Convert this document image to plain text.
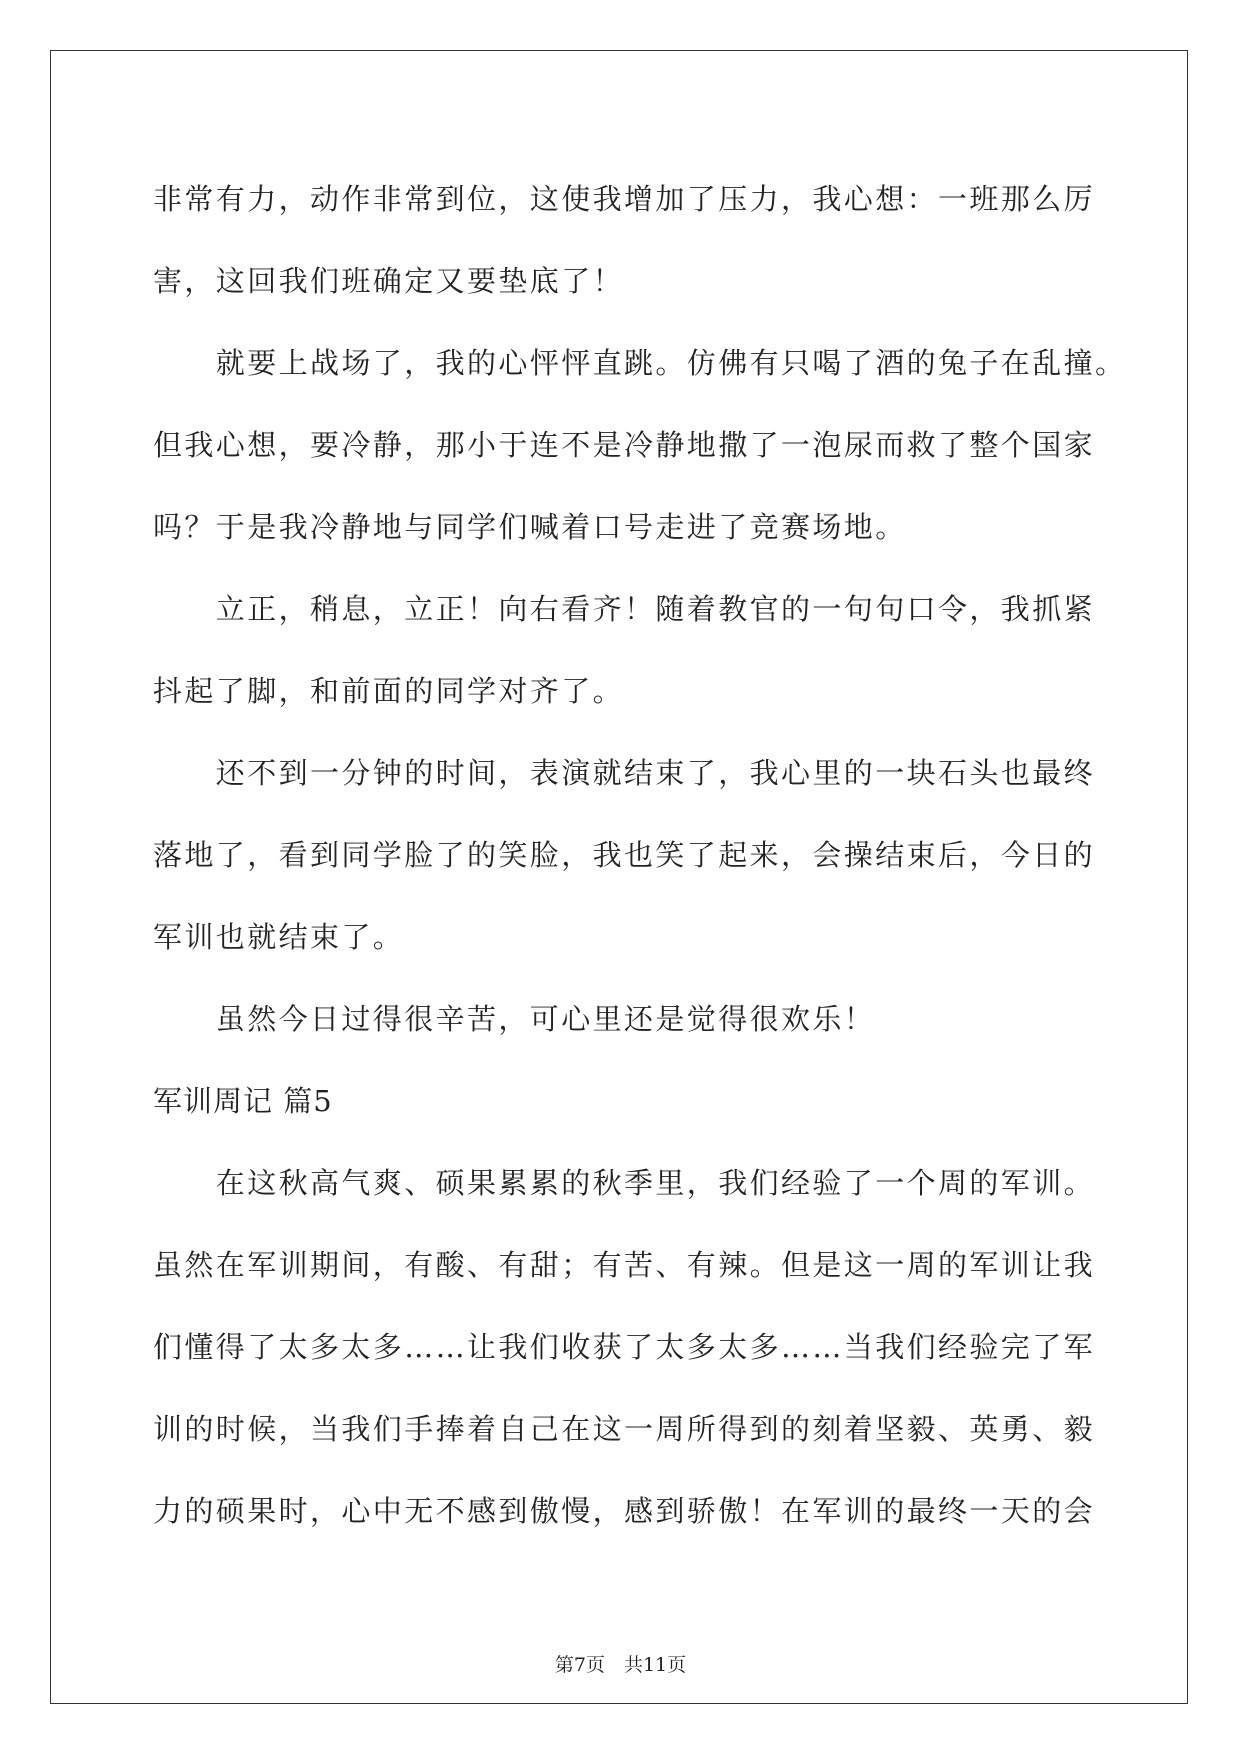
非常有力，动作非常到位，这使我增加了压力，我心想：一班那么厉
害，这回我们班确定又要垫底了！
　　就要上战场了，我的心怦怦直跳。仿佛有只喝了酒的兔子在乱撞。
但我心想，要冷静，那小于连不是冷静地撒了一泡尿而救了整个国家
吗？于是我冷静地与同学们喊着口号走进了竞赛场地。
　　立正，稍息，立正！向右看齐！随着教官的一句句口令，我抓紧
抖起了脚，和前面的同学对齐了。
　　还不到一分钟的时间，表演就结束了，我心里的一块石头也最终
落地了，看到同学脸了的笑脸，我也笑了起来，会操结束后，今日的
军训也就结束了。
　　虽然今日过得很辛苦，可心里还是觉得很欢乐！
军训周记 篇5
　　在这秋高气爽、硕果累累的秋季里，我们经验了一个周的军训。
虽然在军训期间，有酸、有甜；有苦、有辣。但是这一周的军训让我
们懂得了太多太多……让我们收获了太多太多……当我们经验完了军
训的时候，当我们手捧着自己在这一周所得到的刻着坚毅、英勇、毅
力的硕果时，心中无不感到傲慢，感到骄傲！在军训的最终一天的会
第7页　共11页
